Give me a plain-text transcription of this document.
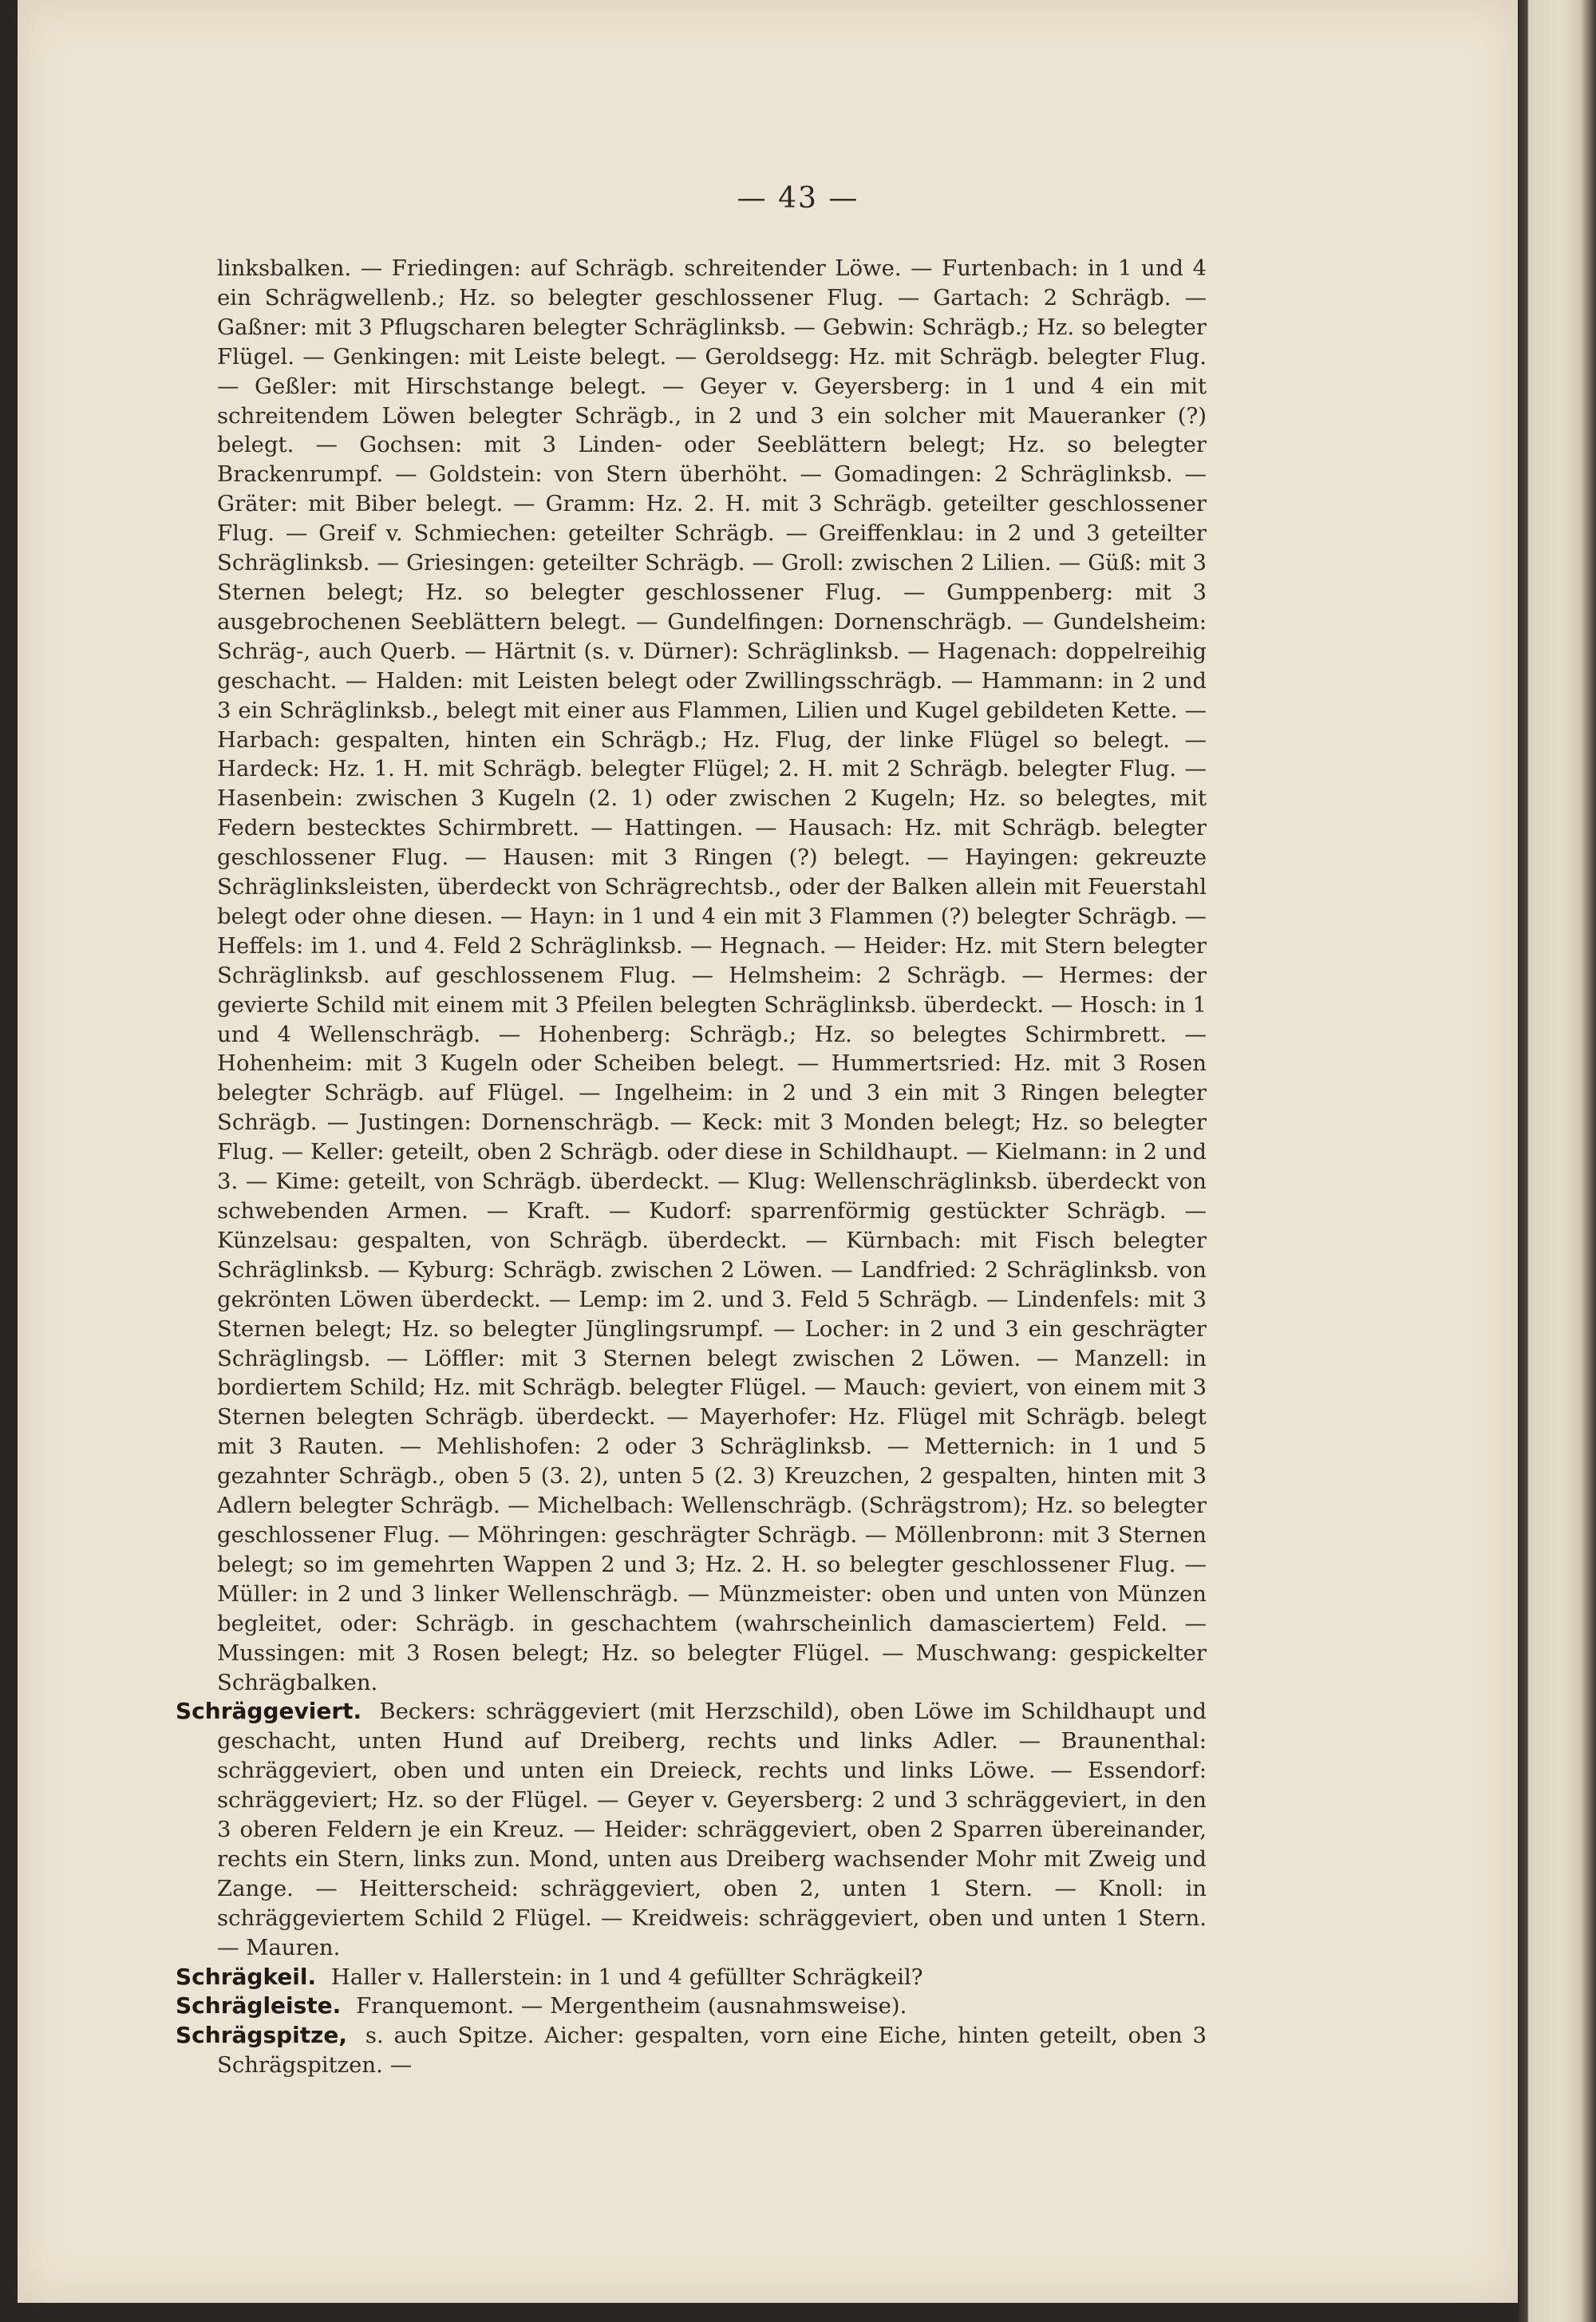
— 43 —

linksbalken. — Friedingen: auf Schrägb. schreitender Löwe. — Furtenbach: in 1 und 4 ein Schrägwellenb.; Hz. so belegter geschlossener Flug. — Gartach: 2 Schrägb. — Gaßner: mit 3 Pflugscharen belegter Schräglinksb. — Gebwin: Schrägb.; Hz. so belegter Flügel. — Genkingen: mit Leiste belegt. — Geroldsegg: Hz. mit Schrägb. belegter Flug. — Geßler: mit Hirschstange belegt. — Geyer v. Geyersberg: in 1 und 4 ein mit schreitendem Löwen belegter Schrägb., in 2 und 3 ein solcher mit Maueranker (?) belegt. — Gochsen: mit 3 Linden- oder Seeblättern belegt; Hz. so belegter Brackenrumpf. — Goldstein: von Stern überhöht. — Gomadingen: 2 Schräglinksb. — Gräter: mit Biber belegt. — Gramm: Hz. 2. H. mit 3 Schrägb. geteilter geschlossener Flug. — Greif v. Schmiechen: geteilter Schrägb. — Greiffenklau: in 2 und 3 geteilter Schräglinksb. — Griesingen: geteilter Schrägb. — Groll: zwischen 2 Lilien. — Güß: mit 3 Sternen belegt; Hz. so belegter geschlossener Flug. — Gumppenberg: mit 3 ausgebrochenen Seeblättern belegt. — Gundelfingen: Dornenschrägb. — Gundelsheim: Schräg-, auch Querb. — Härtnit (s. v. Dürner): Schräglinksb. — Hagenach: doppelreihig geschacht. — Halden: mit Leisten belegt oder Zwillingsschrägb. — Hammann: in 2 und 3 ein Schräglinksb., belegt mit einer aus Flammen, Lilien und Kugel gebildeten Kette. — Harbach: gespalten, hinten ein Schrägb.; Hz. Flug, der linke Flügel so belegt. — Hardeck: Hz. 1. H. mit Schrägb. belegter Flügel; 2. H. mit 2 Schrägb. belegter Flug. — Hasenbein: zwischen 3 Kugeln (2. 1) oder zwischen 2 Kugeln; Hz. so belegtes, mit Federn bestecktes Schirmbrett. — Hattingen. — Hausach: Hz. mit Schrägb. belegter geschlossener Flug. — Hausen: mit 3 Ringen (?) belegt. — Hayingen: gekreuzte Schräglinksleisten, überdeckt von Schrägrechtsb., oder der Balken allein mit Feuerstahl belegt oder ohne diesen. — Hayn: in 1 und 4 ein mit 3 Flammen (?) belegter Schrägb. — Heffels: im 1. und 4. Feld 2 Schräglinksb. — Hegnach. — Heider: Hz. mit Stern belegter Schräglinksb. auf geschlossenem Flug. — Helmsheim: 2 Schrägb. — Hermes: der gevierte Schild mit einem mit 3 Pfeilen belegten Schräglinksb. überdeckt. — Hosch: in 1 und 4 Wellenschrägb. — Hohenberg: Schrägb.; Hz. so belegtes Schirmbrett. — Hohenheim: mit 3 Kugeln oder Scheiben belegt. — Hummertsried: Hz. mit 3 Rosen belegter Schrägb. auf Flügel. — Ingelheim: in 2 und 3 ein mit 3 Ringen belegter Schrägb. — Justingen: Dornenschrägb. — Keck: mit 3 Monden belegt; Hz. so belegter Flug. — Keller: geteilt, oben 2 Schrägb. oder diese in Schildhaupt. — Kielmann: in 2 und 3. — Kime: geteilt, von Schrägb. überdeckt. — Klug: Wellenschräglinksb. überdeckt von schwebenden Armen. — Kraft. — Kudorf: sparrenförmig gestückter Schrägb. — Künzelsau: gespalten, von Schrägb. überdeckt. — Kürnbach: mit Fisch belegter Schräglinksb. — Kyburg: Schrägb. zwischen 2 Löwen. — Landfried: 2 Schräglinksb. von gekrönten Löwen überdeckt. — Lemp: im 2. und 3. Feld 5 Schrägb. — Lindenfels: mit 3 Sternen belegt; Hz. so belegter Jünglingsrumpf. — Locher: in 2 und 3 ein geschrägter Schräglingsb. — Löffler: mit 3 Sternen belegt zwischen 2 Löwen. — Manzell: in bordiertem Schild; Hz. mit Schrägb. belegter Flügel. — Mauch: geviert, von einem mit 3 Sternen belegten Schrägb. überdeckt. — Mayerhofer: Hz. Flügel mit Schrägb. belegt mit 3 Rauten. — Mehlishofen: 2 oder 3 Schräglinksb. — Metternich: in 1 und 5 gezahnter Schrägb., oben 5 (3. 2), unten 5 (2. 3) Kreuzchen, 2 gespalten, hinten mit 3 Adlern belegter Schrägb. — Michelbach: Wellenschrägb. (Schrägstrom); Hz. so belegter geschlossener Flug. — Möhringen: geschrägter Schrägb. — Möllenbronn: mit 3 Sternen belegt; so im gemehrten Wappen 2 und 3; Hz. 2. H. so belegter geschlossener Flug. — Müller: in 2 und 3 linker Wellenschrägb. — Münzmeister: oben und unten von Münzen begleitet, oder: Schrägb. in geschachtem (wahrscheinlich damasciertem) Feld. — Mussingen: mit 3 Rosen belegt; Hz. so belegter Flügel. — Muschwang: gespickelter Schrägbalken.

Schräggeviert. Beckers: schräggeviert (mit Herzschild), oben Löwe im Schildhaupt und geschacht, unten Hund auf Dreiberg, rechts und links Adler. — Braunenthal: schräggeviert, oben und unten ein Dreieck, rechts und links Löwe. — Essendorf: schräggeviert; Hz. so der Flügel. — Geyer v. Geyersberg: 2 und 3 schräggeviert, in den 3 oberen Feldern je ein Kreuz. — Heider: schräggeviert, oben 2 Sparren übereinander, rechts ein Stern, links zun. Mond, unten aus Dreiberg wachsender Mohr mit Zweig und Zange. — Heitterscheid: schräggeviert, oben 2, unten 1 Stern. — Knoll: in schräggeviertem Schild 2 Flügel. — Kreidweis: schräggeviert, oben und unten 1 Stern. — Mauren.

Schrägkeil. Haller v. Hallerstein: in 1 und 4 gefüllter Schrägkeil?

Schrägleiste. Franquemont. — Mergentheim (ausnahmsweise).

Schrägspitze, s. auch Spitze. Aicher: gespalten, vorn eine Eiche, hinten geteilt, oben 3 Schrägspitzen. —
